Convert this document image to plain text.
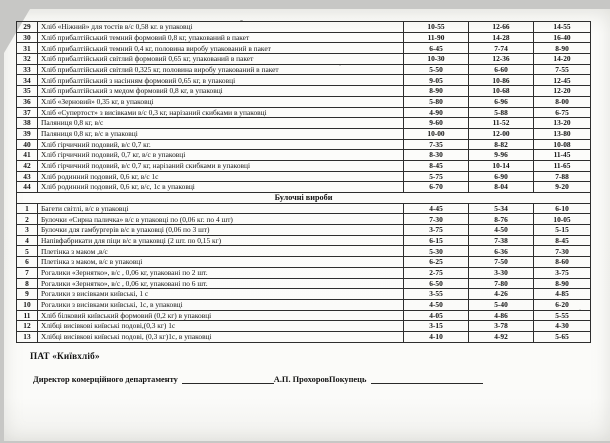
29	Хліб «Ніжний» для тостів в/с 0,58 кг. в упаковці	10-55	12-66	14-55
30	Хліб прибалтійський темний формовий 0,8 кг, упакований в пакет	11-90	14-28	16-40
31	Хліб прибалтійський темний 0,4 кг, половина виробу упакований в пакет	6-45	7-74	8-90
32	Хліб прибалтійський світлий формовий 0,65 кг, упакований в пакет	10-30	12-36	14-20
33	Хліб прибалтійський світлий 0,325 кг, половина виробу упакований в пакет	5-50	6-60	7-55
34	Хліб прибалтійський з насінням формовий 0,65 кг, в упаковці	9-05	10-86	12-45
35	Хліб прибалтійський з медом формовий 0,8 кг, в упаковці	8-90	10-68	12-20
36	Хліб «Зерновий» 0,35 кг, в упаковці	5-80	6-96	8-00
37	Хліб «Супертост» з висівками в/с 0,3 кг, нарізаний скибками в упаковці	4-90	5-88	6-75
38	Паляниця 0,8 кг, в/с	9-60	11-52	13-20
39	Паляниця 0,8 кг, в/с в упаковці	10-00	12-00	13-80
40	Хліб гірчичний подовий, в/с 0,7 кг.	7-35	8-82	10-08
41	Хліб гірчичний подовий, 0,7 кг, в/с в упаковці	8-30	9-96	11-45
42	Хліб гірчичний подовий, в/с 0,7 кг, нарізаний скибками в упаковці	8-45	10-14	11-65
43	Хліб родинний подовий, 0,6 кг, в/с 1с	5-75	6-90	7-88
44	Хліб родинний подовий, 0,6 кг, в/с, 1с в упаковці	6-70	8-04	9-20
Булочні вироби				
1	Багети світлі, в/с в упаковці	4-45	5-34	6-10
2	Булочки «Сирна паличка» в/с в упаковці по (0,06 кг. по 4 шт)	7-30	8-76	10-05
3	Булочки для гамбургерів в/с в упаковці (0,06 по 3 шт)	3-75	4-50	5-15
4	Напівфабрикати для піци в/с в упаковці (2 шт. по 0,15 кг)	6-15	7-38	8-45
5	Плетінка з маком ,в/с	5-30	6-36	7-30
6	Плетінка з маком, в/с в упаковці	6-25	7-50	8-60
7	Рогалики «Зернятко», в/с , 0,06 кг, упаковані по 2 шт.	2-75	3-30	3-75
8	Рогалики «Зернятко», в/с , 0,06 кг, упаковані по 6 шт.	6-50	7-80	8-90
9	Рогалики з висівками київські, 1 с	3-55	4-26	4-85
10	Рогалики з висівками київські, 1с, в упаковці	4-50	5-40	6-20
11	Хліб білковий київський формовий (0,2 кг) в упаковці	4-05	4-86	5-55
12	Хлібці висівкові київські подові,(0,3 кг) 1с	3-15	3-78	4-30
13	Хлібці висівкові київські подові, (0,3 кг)1с, в упаковці	4-10	4-92	5-65
ПАТ «Київхліб»
Директор комерційного департаменту	А.П. ПрохоровПокупець
